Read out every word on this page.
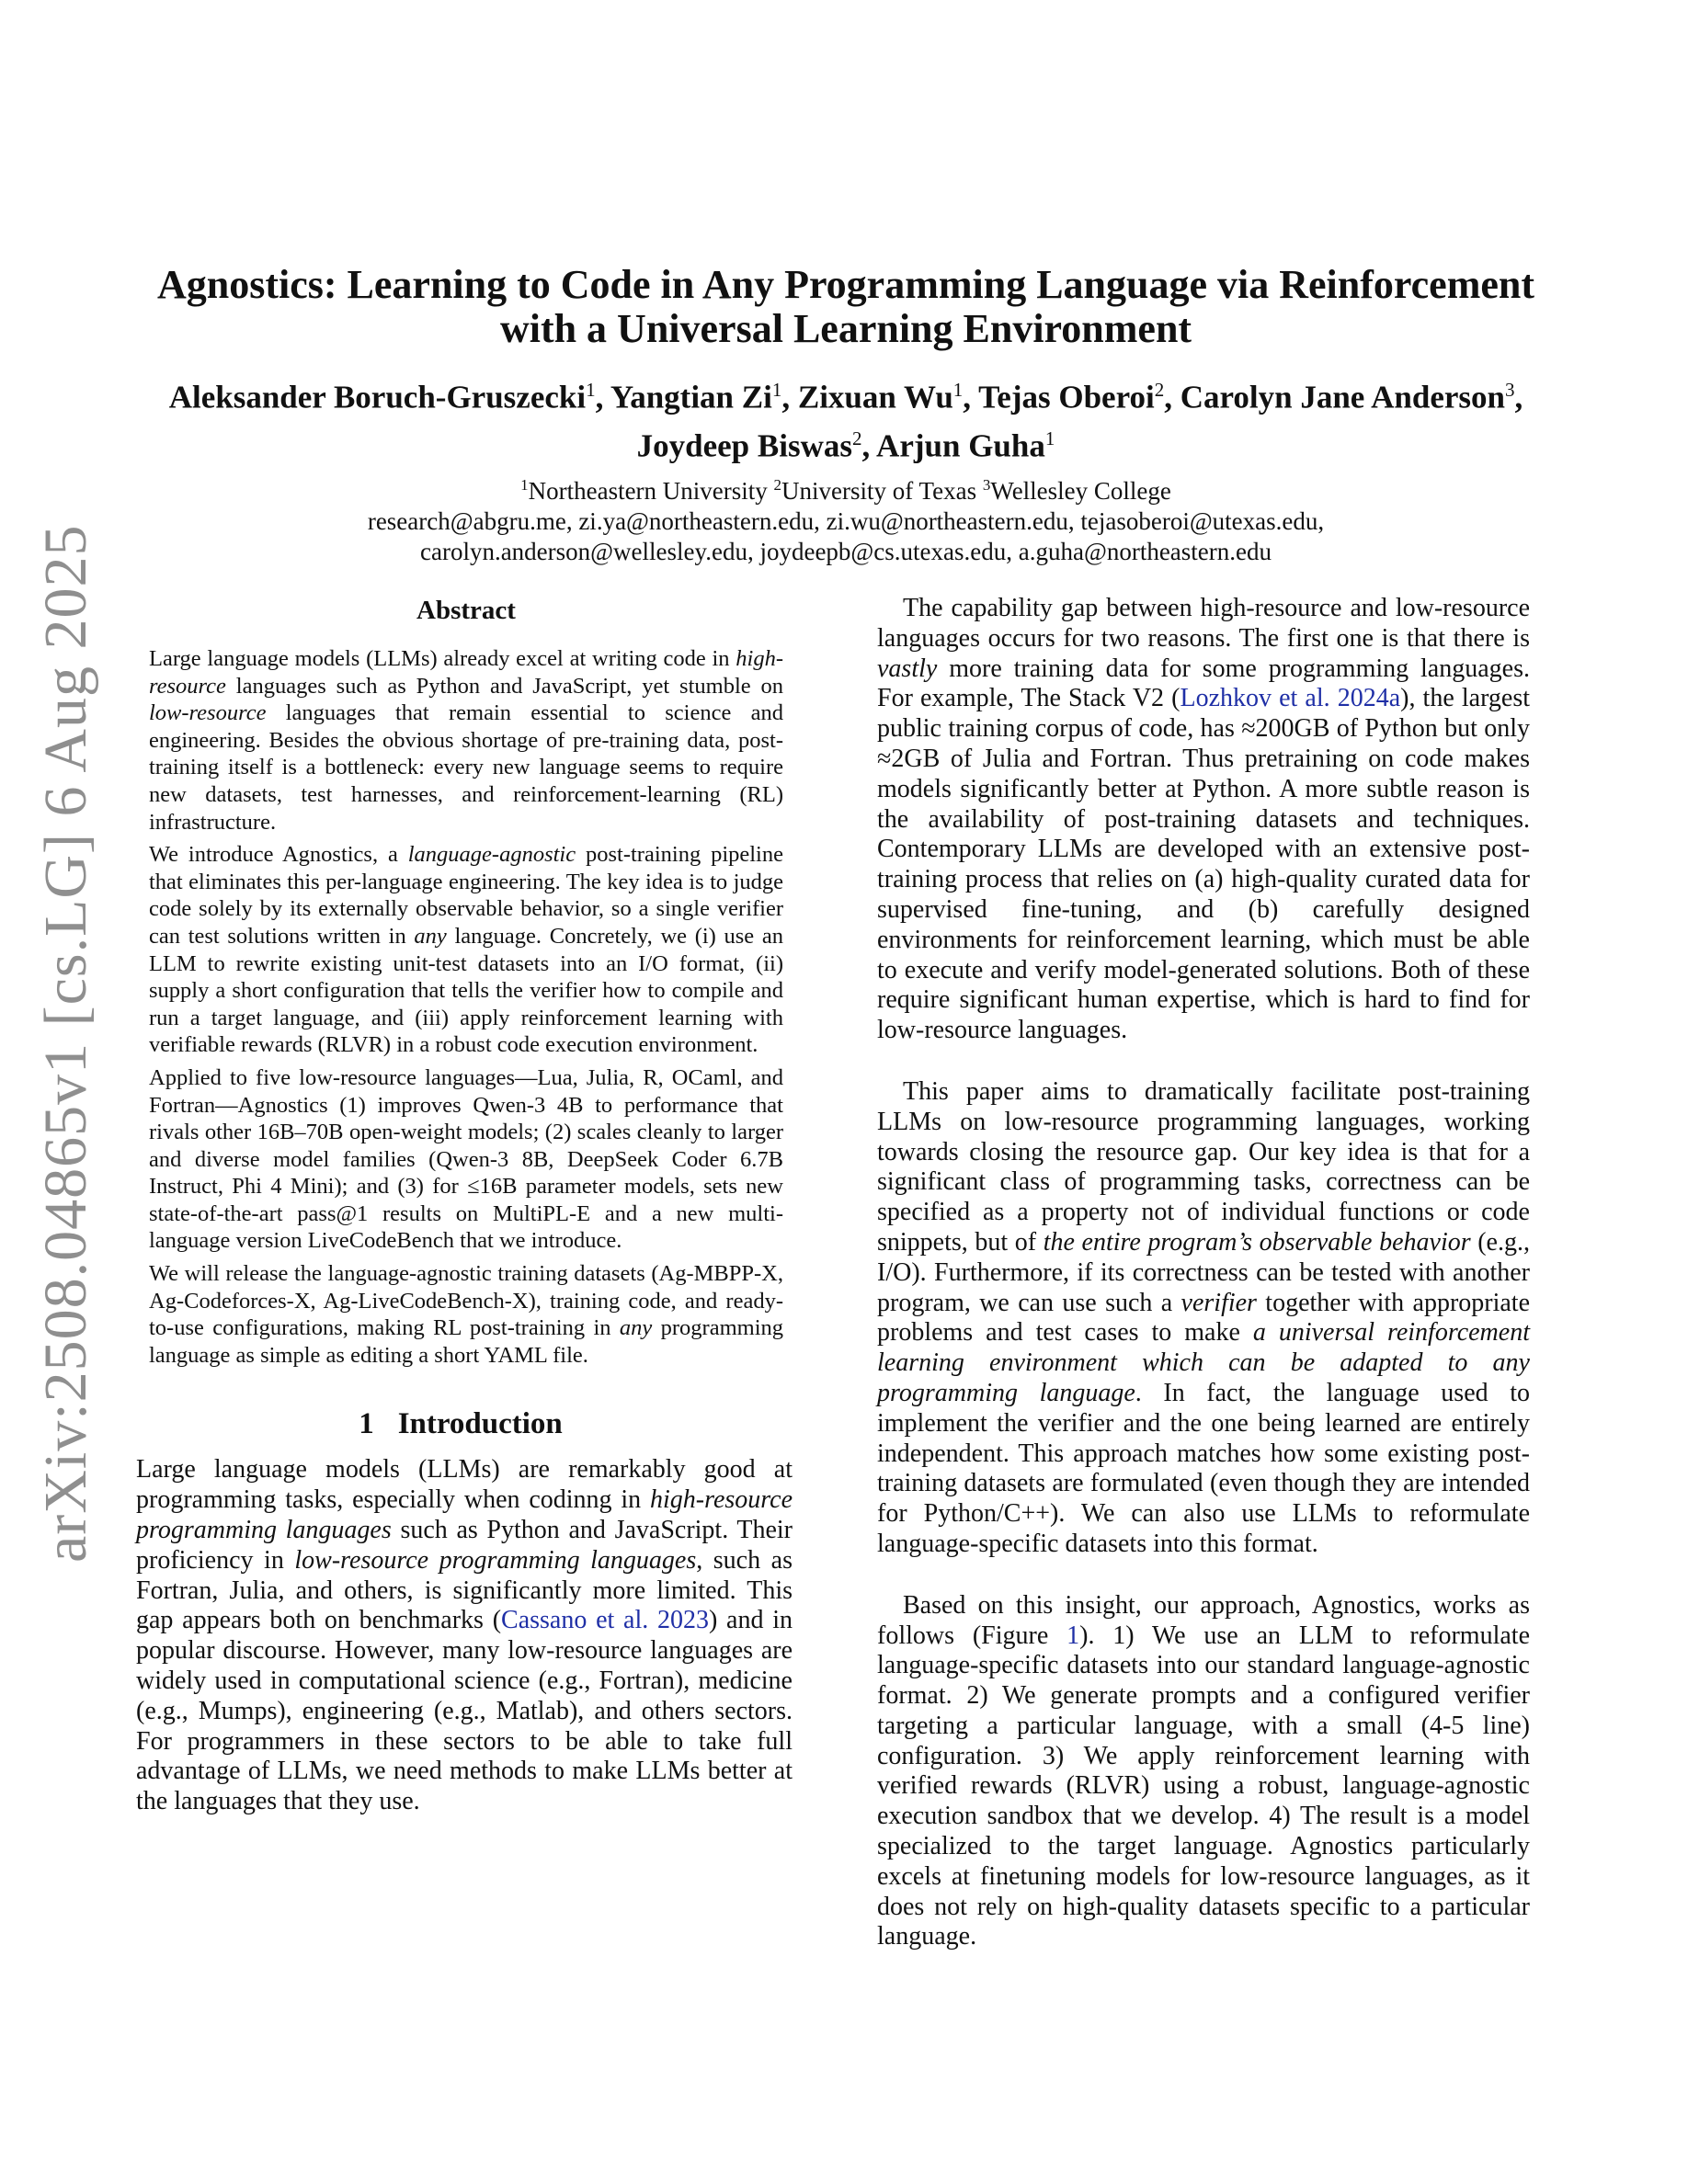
arXiv:2508.04865v1 [cs.LG] 6 Aug 2025
Agnostics: Learning to Code in Any Programming Language via Reinforcement
with a Universal Learning Environment
Aleksander Boruch-Gruszecki$^1$, Yangtian Zi$^1$, Zixuan Wu$^1$, Tejas Oberoi$^2$, Carolyn Jane Anderson$^3$, Joydeep Biswas$^2$, Arjun Guha$^1$
$^1$Northeastern University $^2$University of Texas $^3$Wellesley College
research@abgru.me, zi.ya@northeastern.edu, zi.wu@northeastern.edu, tejasoberoi@utexas.edu,
carolyn.anderson@wellesley.edu, joydeepb@cs.utexas.edu, a.guha@northeastern.edu
Abstract

Large language models (LLMs) already excel at writing code in high-resource languages such as Python and JavaScript, yet stumble on low-resource languages that remain essential to science and engineering. Besides the obvious shortage of pre-training data, post-training itself is a bottleneck: every new language seems to require new datasets, test harnesses, and reinforcement-learning (RL) infrastructure.

We introduce Agnostics, a language-agnostic post-training pipeline that eliminates this per-language engineering. The key idea is to judge code solely by its externally observable behavior, so a single verifier can test solutions written in any language. Concretely, we (i) use an LLM to rewrite existing unit-test datasets into an I/O format, (ii) supply a short configuration that tells the verifier how to compile and run a target language, and (iii) apply reinforcement learning with verifiable rewards (RLVR) in a robust code execution environment.

Applied to five low-resource languages—Lua, Julia, R, OCaml, and Fortran—Agnostics (1) improves Qwen-3 4B to performance that rivals other 16B–70B open-weight models; (2) scales cleanly to larger and diverse model families (Qwen-3 8B, DeepSeek Coder 6.7B Instruct, Phi 4 Mini); and (3) for ≤16B parameter models, sets new state-of-the-art pass@1 results on MultiPL-E and a new multi-language version LiveCodeBench that we introduce.

We will release the language-agnostic training datasets (Ag-MBPP-X, Ag-Codeforces-X, Ag-LiveCodeBench-X), training code, and ready-to-use configurations, making RL post-training in any programming language as simple as editing a short YAML file.

1 Introduction

Large language models (LLMs) are remarkably good at programming tasks, especially when codinng in high-resource programming languages such as Python and JavaScript. Their proficiency in low-resource programming languages, such as Fortran, Julia, and others, is significantly more limited. This gap appears both on benchmarks (Cassano et al. 2023) and in popular discourse. However, many low-resource languages are widely used in computational science (e.g., Fortran), medicine (e.g., Mumps), engineering (e.g., Matlab), and others sectors. For programmers in these sectors to be able to take full advantage of LLMs, we need methods to make LLMs better at the languages that they use.

The capability gap between high-resource and low-resource languages occurs for two reasons. The first one is that there is vastly more training data for some programming languages. For example, The Stack V2 (Lozhkov et al. 2024a), the largest public training corpus of code, has ≈200GB of Python but only ≈2GB of Julia and Fortran. Thus pretraining on code makes models significantly better at Python. A more subtle reason is the availability of post-training datasets and techniques. Contemporary LLMs are developed with an extensive post-training process that relies on (a) high-quality curated data for supervised fine-tuning, and (b) carefully designed environments for reinforcement learning, which must be able to execute and verify model-generated solutions. Both of these require significant human expertise, which is hard to find for low-resource languages.

This paper aims to dramatically facilitate post-training LLMs on low-resource programming languages, working towards closing the resource gap. Our key idea is that for a significant class of programming tasks, correctness can be specified as a property not of individual functions or code snippets, but of the entire program’s observable behavior (e.g., I/O). Furthermore, if its correctness can be tested with another program, we can use such a verifier together with appropriate problems and test cases to make a universal reinforcement learning environment which can be adapted to any programming language. In fact, the language used to implement the verifier and the one being learned are entirely independent. This approach matches how some existing post-training datasets are formulated (even though they are intended for Python/C++). We can also use LLMs to reformulate language-specific datasets into this format.

Based on this insight, our approach, Agnostics, works as follows (Figure 1). 1) We use an LLM to reformulate language-specific datasets into our standard language-agnostic format. 2) We generate prompts and a configured verifier targeting a particular language, with a small (4-5 line) configuration. 3) We apply reinforcement learning with verified rewards (RLVR) using a robust, language-agnostic execution sandbox that we develop. 4) The result is a model specialized to the target language. Agnostics particularly excels at finetuning models for low-resource languages, as it does not rely on high-quality datasets specific to a particular language.
